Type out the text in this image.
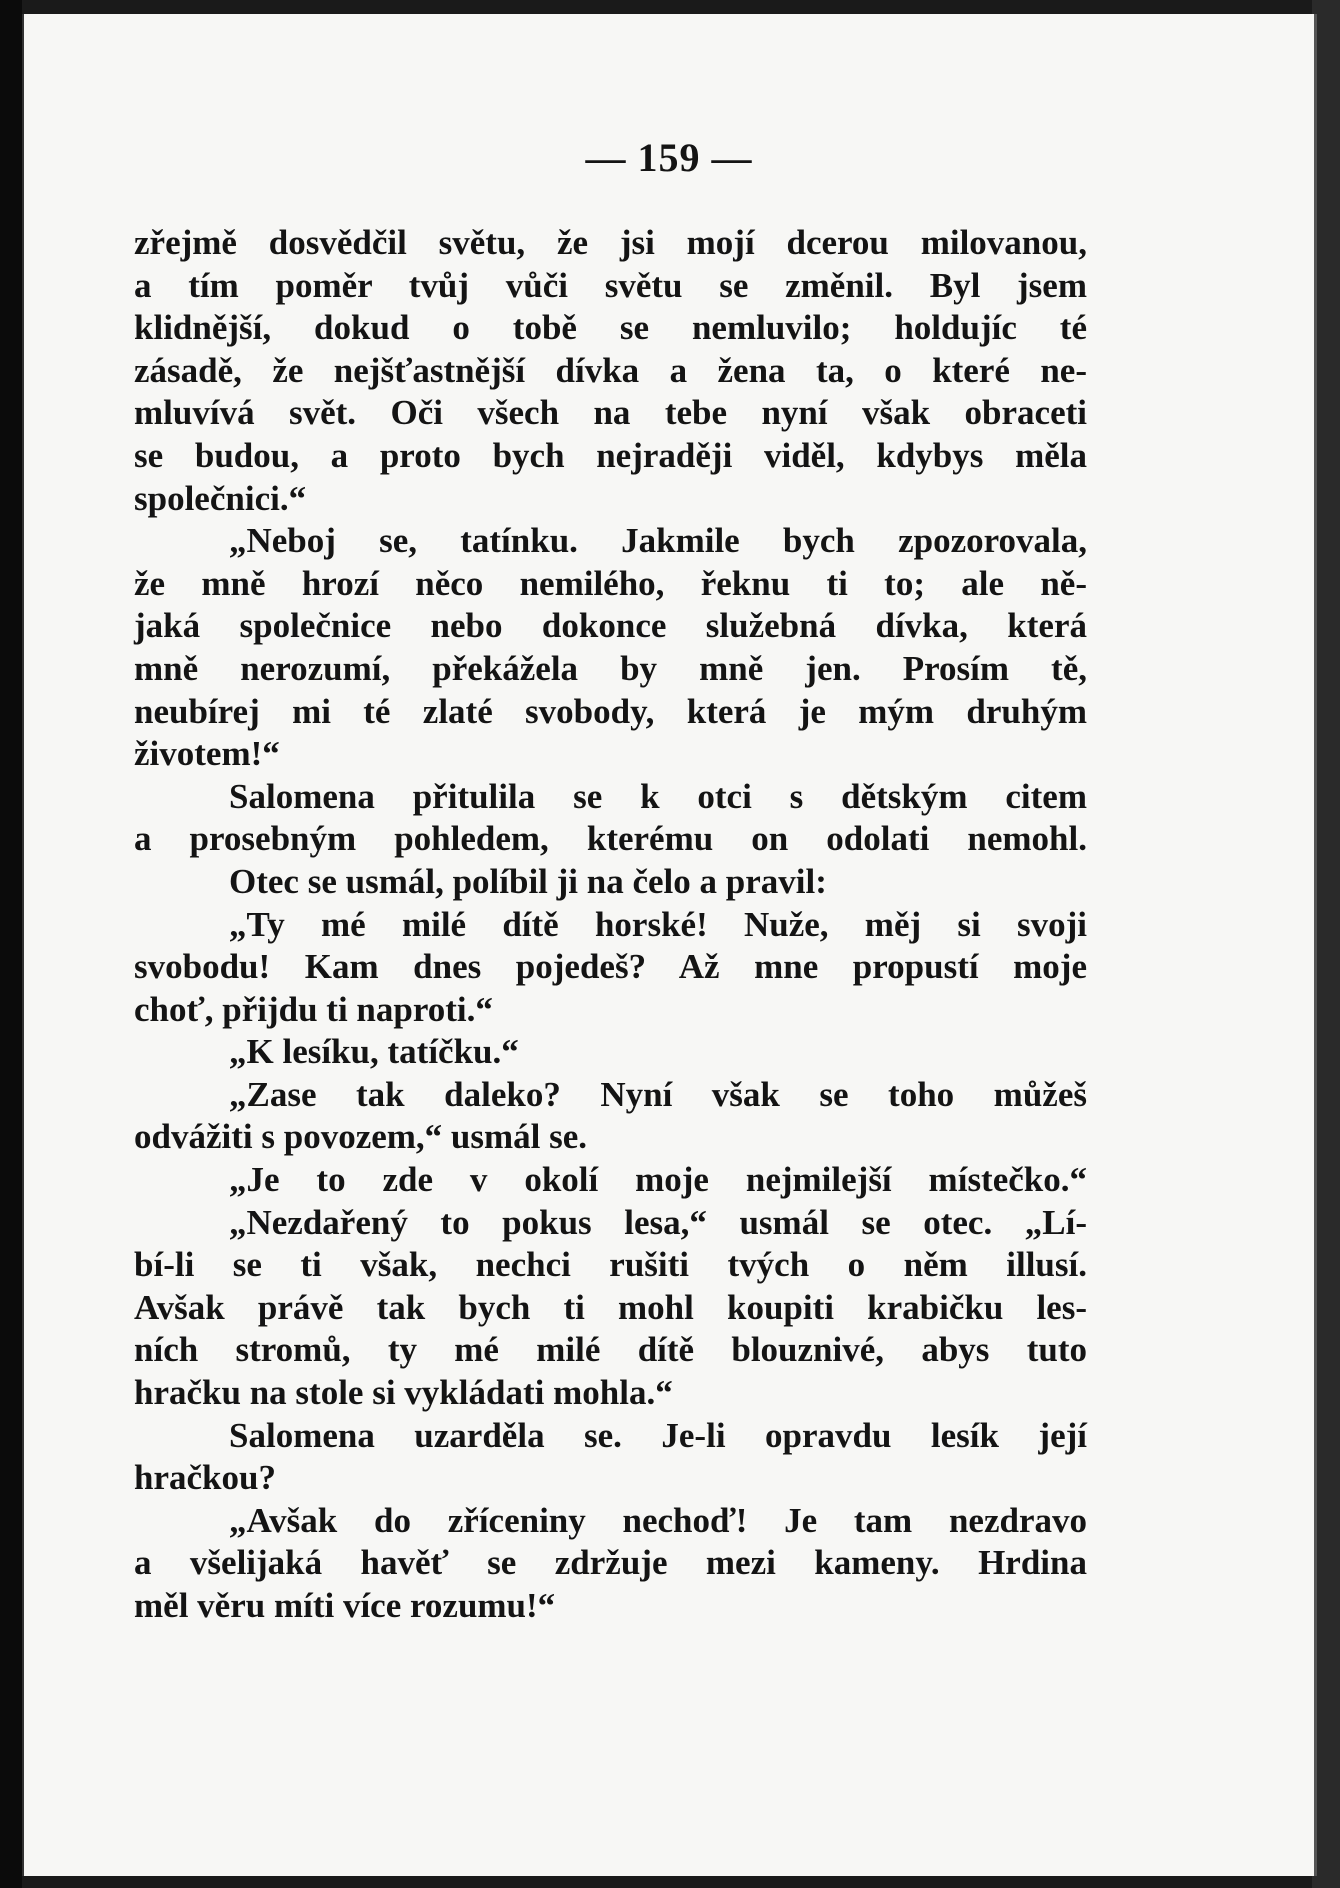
— 159 —
zřejmě dosvědčil světu, že jsi mojí dcerou milovanou,
a tím poměr tvůj vůči světu se změnil. Byl jsem
klidnější, dokud o tobě se nemluvilo; holdujíc té
zásadě, že nejšťastnější dívka a žena ta, o které ne-
mluvívá svět. Oči všech na tebe nyní však obraceti
se budou, a proto bych nejraději viděl, kdybys měla
společnici.“
„Neboj se, tatínku. Jakmile bych zpozorovala,
že mně hrozí něco nemilého, řeknu ti to; ale ně-
jaká společnice nebo dokonce služebná dívka, která
mně nerozumí, překážela by mně jen. Prosím tě,
neubírej mi té zlaté svobody, která je mým druhým
životem!“
Salomena přitulila se k otci s dětským citem
a prosebným pohledem, kterému on odolati nemohl.
Otec se usmál, políbil ji na čelo a pravil:
„Ty mé milé dítě horské! Nuže, měj si svoji
svobodu! Kam dnes pojedeš? Až mne propustí moje
choť, přijdu ti naproti.“
„K lesíku, tatíčku.“
„Zase tak daleko? Nyní však se toho můžeš
odvážiti s povozem,“ usmál se.
„Je to zde v okolí moje nejmilejší místečko.“
„Nezdařený to pokus lesa,“ usmál se otec. „Lí-
bí-li se ti však, nechci rušiti tvých o něm illusí.
Avšak právě tak bych ti mohl koupiti krabičku les-
ních stromů, ty mé milé dítě blouznivé, abys tuto
hračku na stole si vykládati mohla.“
Salomena uzarděla se. Je-li opravdu lesík její
hračkou?
„Avšak do zříceniny nechoď! Je tam nezdravo
a všelijaká havěť se zdržuje mezi kameny. Hrdina
měl věru míti více rozumu!“
